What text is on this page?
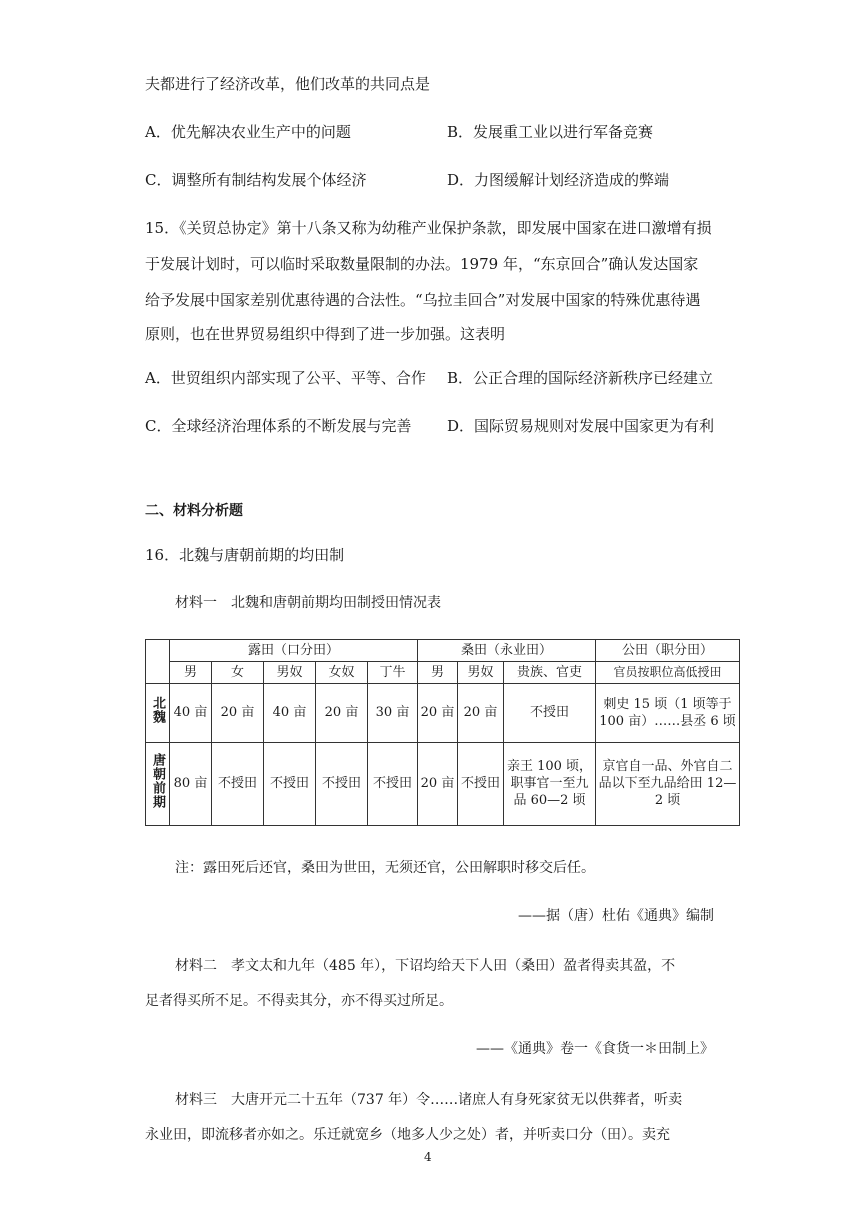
夫都进行了经济改革，他们改革的共同点是
A．优先解决农业生产中的问题	B．发展重工业以进行军备竞赛
C．调整所有制结构发展个体经济	D．力图缓解计划经济造成的弊端
15．《关贸总协定》第十八条又称为幼稚产业保护条款，即发展中国家在进口激增有损
于发展计划时，可以临时采取数量限制的办法。1979 年，“东京回合”确认发达国家
给予发展中国家差别优惠待遇的合法性。“乌拉圭回合”对发展中国家的特殊优惠待遇
原则，也在世界贸易组织中得到了进一步加强。这表明
A．世贸组织内部实现了公平、平等、合作 B．公正合理的国际经济新秩序已经建立
C．全球经济治理体系的不断发展与完善 D．国际贸易规则对发展中国家更为有利
二、材料分析题
16．北魏与唐朝前期的均田制
材料一　北魏和唐朝前期均田制授田情况表
	露田（口分田）					桑田（永业田）			公田（职分田）
	男	女	男奴	女奴	丁牛	男	男奴	贵族、官吏	官员按职位高低授田
北魏	40 亩	20 亩	40 亩	20 亩	30 亩	20 亩	20 亩	不授田	刺史 15 顷（1 顷等于 100 亩）……县丞 6 顷
唐朝前期	80 亩	不授田	不授田	不授田	不授田	20 亩	不授田	亲王 100 顷，职事官一至九品 60—2 顷	京官自一品、外官自二品以下至九品给田 12—2 顷
注：露田死后还官，桑田为世田，无须还官，公田解职时移交后任。
——据（唐）杜佑《通典》编制
材料二　孝文太和九年（485 年），下诏均给天下人田（桑田）盈者得卖其盈，不
足者得买所不足。不得卖其分，亦不得买过所足。
——《通典》卷一《食货一＊田制上》
材料三　大唐开元二十五年（737 年）令……诸庶人有身死家贫无以供葬者，听卖
永业田，即流移者亦如之。乐迁就宽乡（地多人少之处）者，并听卖口分（田）。卖充
4
